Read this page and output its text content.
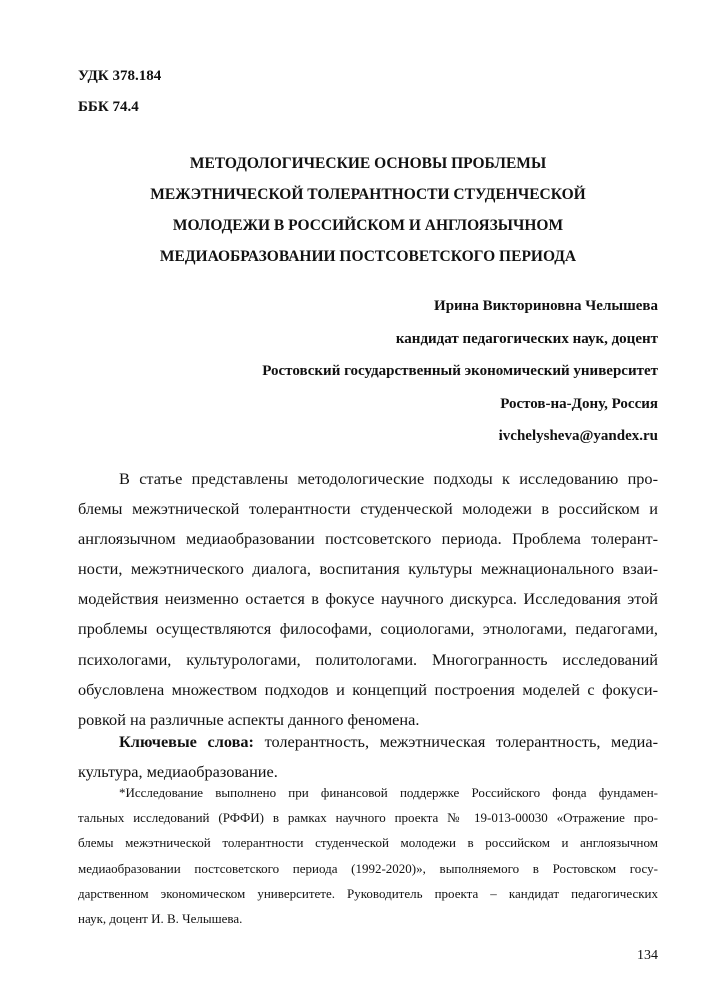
УДК 378.184
ББК 74.4
МЕТОДОЛОГИЧЕСКИЕ ОСНОВЫ ПРОБЛЕМЫ
МЕЖЭТНИЧЕСКОЙ ТОЛЕРАНТНОСТИ СТУДЕНЧЕСКОЙ
МОЛОДЕЖИ В РОССИЙСКОМ И АНГЛОЯЗЫЧНОМ
МЕДИАОБРАЗОВАНИИ ПОСТСОВЕТСКОГО ПЕРИОДА
Ирина Викториновна Челышева
кандидат педагогических наук, доцент
Ростовский государственный экономический университет
Ростов-на-Дону, Россия
ivchelysheva@yandex.ru
В статье представлены методологические подходы к исследованию про-
блемы межэтнической толерантности студенческой молодежи в российском и
англоязычном медиаобразовании постсоветского периода. Проблема толерант-
ности, межэтнического диалога, воспитания культуры межнационального взаи-
модействия неизменно остается в фокусе научного дискурса. Исследования этой
проблемы осуществляются философами, социологами, этнологами, педагогами,
психологами, культурологами, политологами. Многогранность исследований
обусловлена множеством подходов и концепций построения моделей с фокуси-
ровкой на различные аспекты данного феномена.
Ключевые слова: толерантность, межэтническая толерантность, медиа-
культура, медиаобразование.
*Исследование выполнено при финансовой поддержке Российского фонда фундамен-
тальных исследований (РФФИ) в рамках научного проекта № 19-013-00030 «Отражение про-
блемы межэтнической толерантности студенческой молодежи в российском и англоязычном
медиаобразовании постсоветского периода (1992-2020)», выполняемого в Ростовском госу-
дарственном экономическом университете. Руководитель проекта – кандидат педагогических
наук, доцент И. В. Челышева.
134
